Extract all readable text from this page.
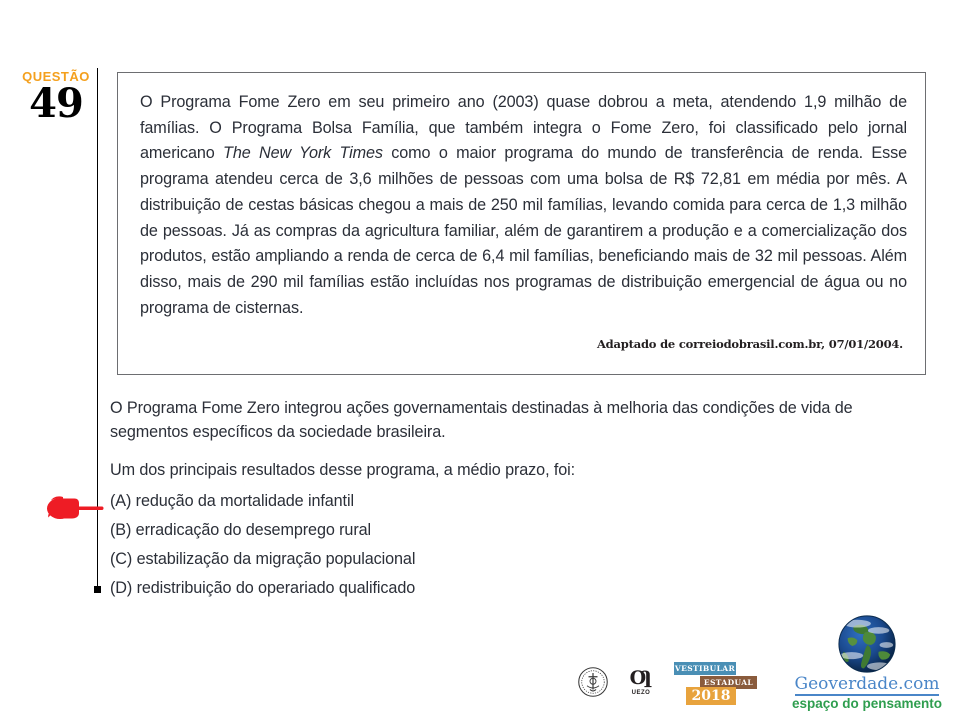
QUESTÃO
49	O Programa Fome Zero em seu primeiro ano (2003) quase dobrou a meta, atendendo 1,9 milhão de famílias. O Programa Bolsa Família, que também integra o Fome Zero, foi classificado pelo jornal americano The New York Times como o maior programa do mundo de transferência de renda. Esse programa atendeu cerca de 3,6 milhões de pessoas com uma bolsa de R$ 72,81 em média por mês. A distribuição de cestas básicas chegou a mais de 250 mil famílias, levando comida para cerca de 1,3 milhão de pessoas. Já as compras da agricultura familiar, além de garantirem a produção e a comercialização dos produtos, estão ampliando a renda de cerca de 6,4 mil famílias, beneficiando mais de 32 mil pessoas. Além disso, mais de 290 mil famílias estão incluídas nos programas de distribuição emergencial de água ou no programa de cisternas.
Adaptado de correiodobrasil.com.br, 07/01/2004.
O Programa Fome Zero integrou ações governamentais destinadas à melhoria das condições de vida de segmentos específicos da sociedade brasileira.
Um dos principais resultados desse programa, a médio prazo, foi:
(A) redução da mortalidade infantil
(B) erradicação do desemprego rural
(C) estabilização da migração populacional
(D) redistribuição do operariado qualificado
Ƣ
UEZO
VESTIBULAR
ESTADUAL
2018
Geoverdade.com
espaço do pensamento
